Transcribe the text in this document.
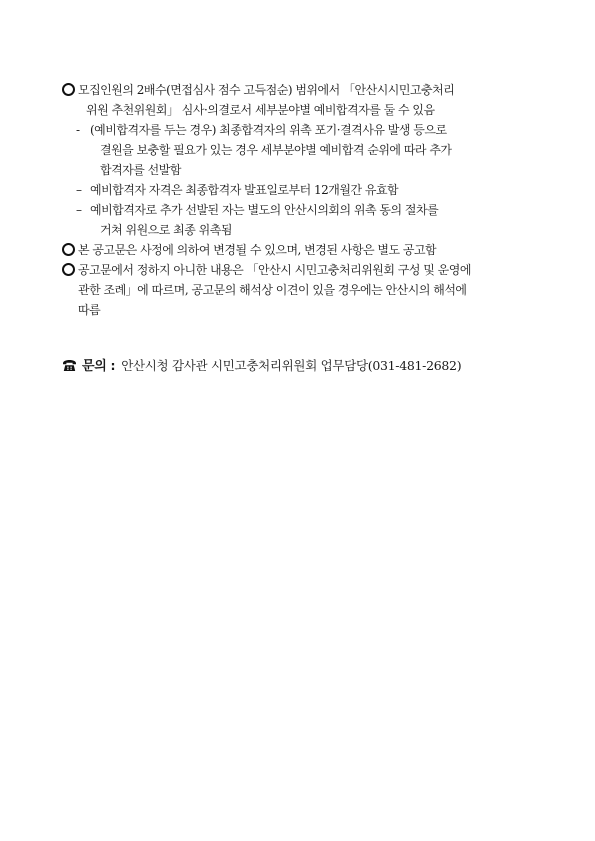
모집인원의 2배수(면접심사 점수 고득점순) 범위에서 「안산시시민고충처리
위원 추천위원회」 심사·의결로서 세부분야별 예비합격자를 둘 수 있음
- (예비합격자를 두는 경우) 최종합격자의 위촉 포기·결격사유 발생 등으로
결원을 보충할 필요가 있는 경우 세부분야별 예비합격 순위에 따라 추가
합격자를 선발함
– 예비합격자 자격은 최종합격자 발표일로부터 12개월간 유효함
– 예비합격자로 추가 선발된 자는 별도의 안산시의회의 위촉 동의 절차를
거쳐 위원으로 최종 위촉됨
본 공고문은 사정에 의하여 변경될 수 있으며, 변경된 사항은 별도 공고함
공고문에서 정하지 아니한 내용은 「안산시 시민고충처리위원회 구성 및 운영에
관한 조례」에 따르며, 공고문의 해석상 이견이 있을 경우에는 안산시의 해석에
따름
문의 : 안산시청 감사관 시민고충처리위원회 업무담당(031-481-2682)
